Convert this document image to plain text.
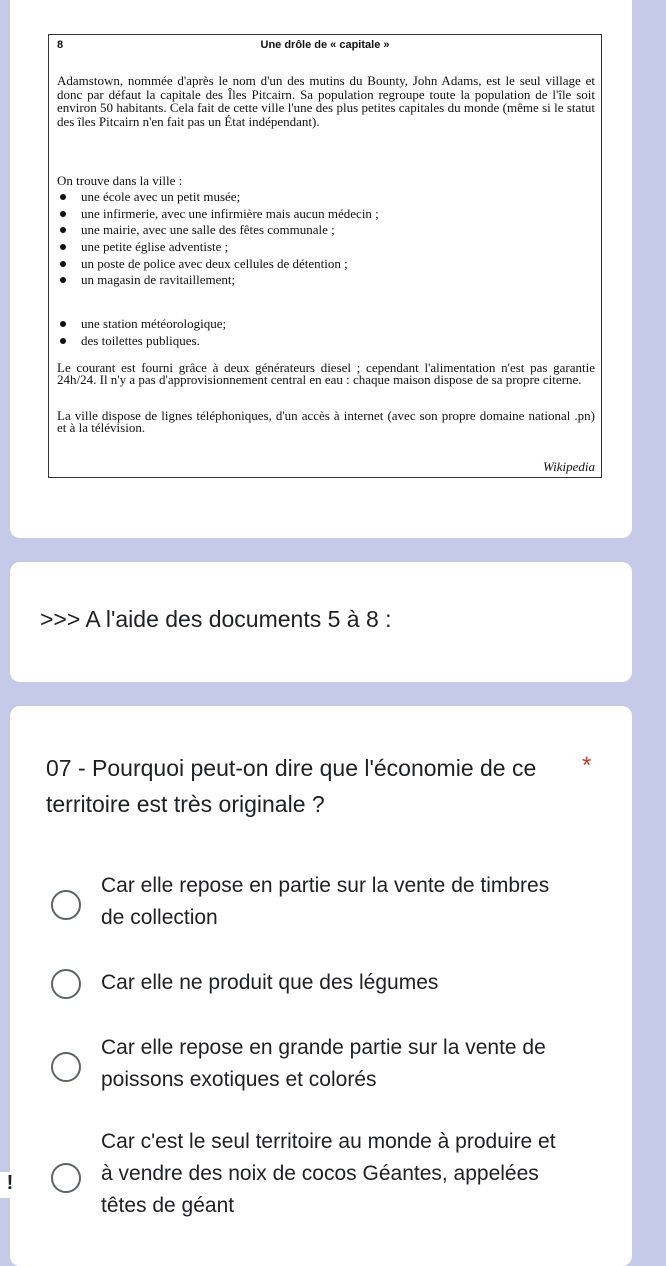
8	Une drôle de « capitale »

Adamstown, nommée d'après le nom d'un des mutins du Bounty, John Adams, est le seul village et donc par défaut la capitale des Îles Pitcairn. Sa population regroupe toute la population de l'île soit environ 50 habitants. Cela fait de cette ville l'une des plus petites capitales du monde (même si le statut des îles Pitcairn n'en fait pas un État indépendant).

On trouve dans la ville :

une école avec un petit musée;
une infirmerie, avec une infirmière mais aucun médecin ;
une mairie, avec une salle des fêtes communale ;
une petite église adventiste ;
un poste de police avec deux cellules de détention ;
un magasin de ravitaillement;
une station météorologique;
des toilettes publiques.

Le courant est fourni grâce à deux générateurs diesel ; cependant l'alimentation n'est pas garantie 24h/24. Il n'y a pas d'approvisionnement central en eau : chaque maison dispose de sa propre citerne.

La ville dispose de lignes téléphoniques, d'un accès à internet (avec son propre domaine national .pn) et à la télévision.

Wikipedia

>>> A l'aide des documents 5 à 8 :

07 - Pourquoi peut-on dire que l'économie de ce territoire est très originale ?

*

Car elle repose en partie sur la vente de timbres de collection

Car elle ne produit que des légumes

Car elle repose en grande partie sur la vente de poissons exotiques et colorés

Car c'est le seul territoire au monde à produire et à vendre des noix de cocos Géantes, appelées têtes de géant

!
